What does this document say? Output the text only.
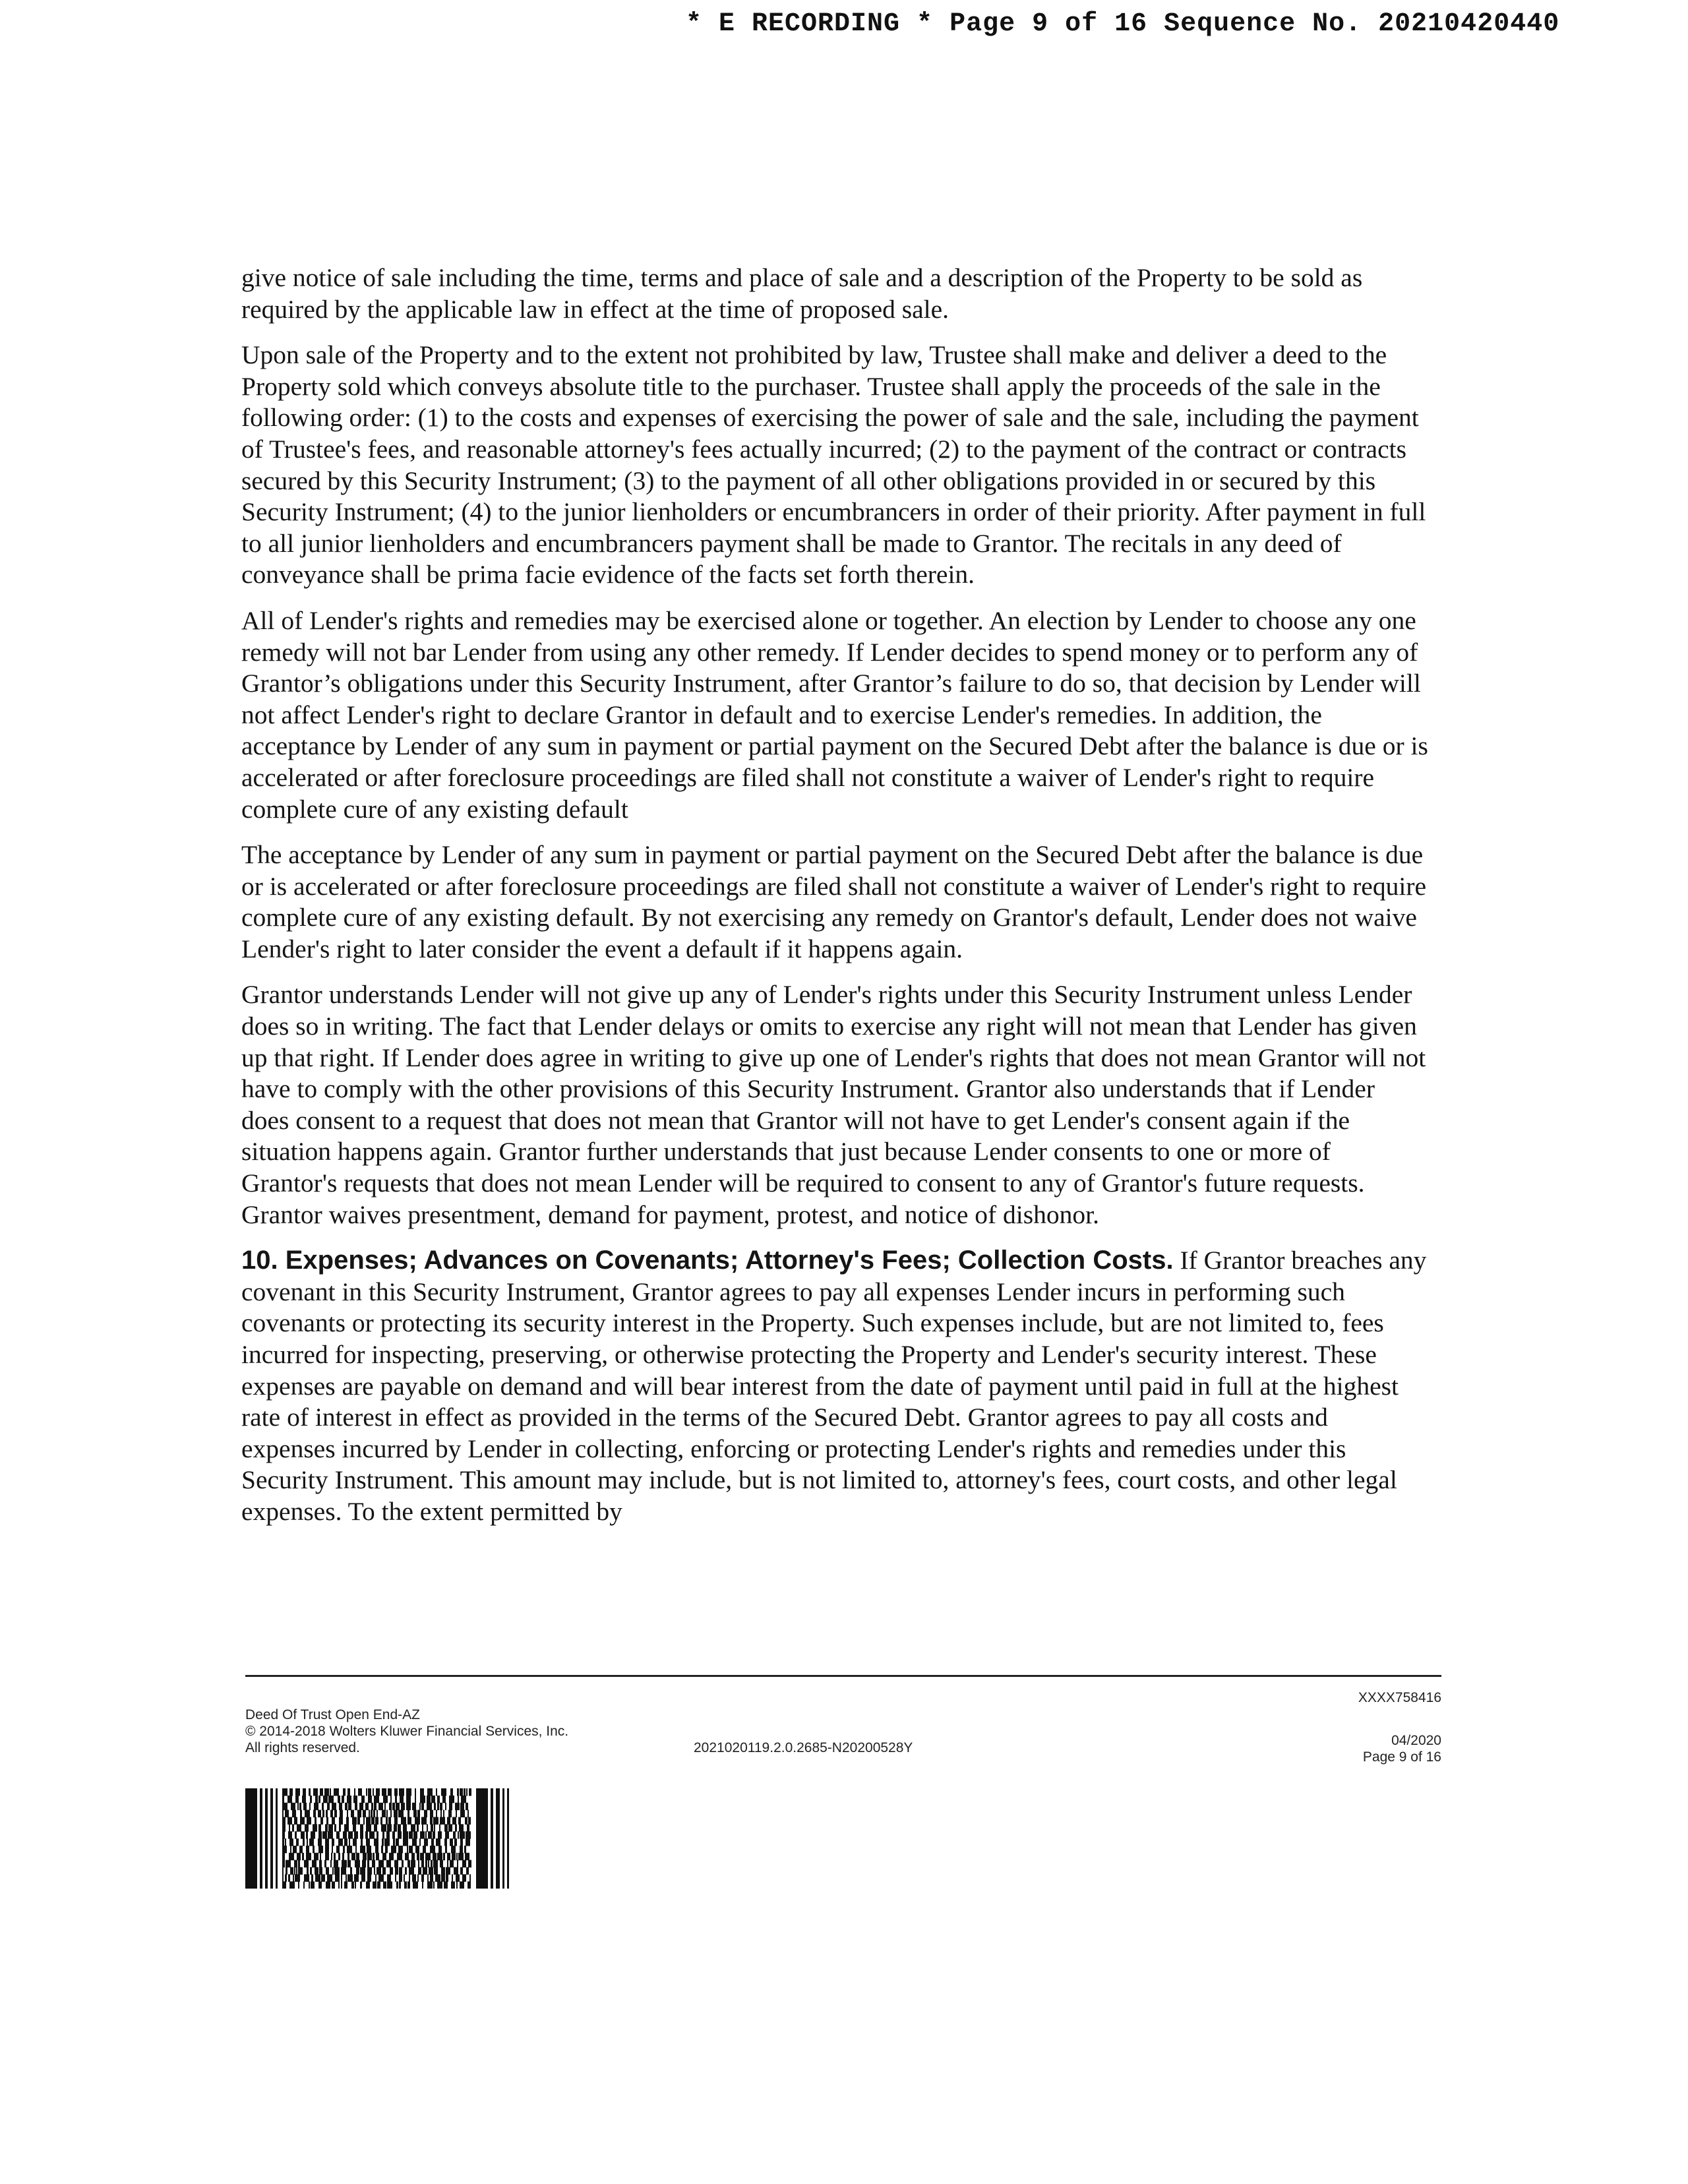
* E RECORDING * Page 9 of 16 Sequence No. 20210420440

give notice of sale including the time, terms and place of sale and a description of the Property to be sold as required by the applicable law in effect at the time of proposed sale.

Upon sale of the Property and to the extent not prohibited by law, Trustee shall make and deliver a deed to the Property sold which conveys absolute title to the purchaser. Trustee shall apply the proceeds of the sale in the following order: (1) to the costs and expenses of exercising the power of sale and the sale, including the payment of Trustee's fees, and reasonable attorney's fees actually incurred; (2) to the payment of the contract or contracts secured by this Security Instrument; (3) to the payment of all other obligations provided in or secured by this Security Instrument; (4) to the junior lienholders or encumbrancers in order of their priority. After payment in full to all junior lienholders and encumbrancers payment shall be made to Grantor. The recitals in any deed of conveyance shall be prima facie evidence of the facts set forth therein.

All of Lender's rights and remedies may be exercised alone or together. An election by Lender to choose any one remedy will not bar Lender from using any other remedy. If Lender decides to spend money or to perform any of Grantor’s obligations under this Security Instrument, after Grantor’s failure to do so, that decision by Lender will not affect Lender's right to declare Grantor in default and to exercise Lender's remedies. In addition, the acceptance by Lender of any sum in payment or partial payment on the Secured Debt after the balance is due or is accelerated or after foreclosure proceedings are filed shall not constitute a waiver of Lender's right to require complete cure of any existing default

The acceptance by Lender of any sum in payment or partial payment on the Secured Debt after the balance is due or is accelerated or after foreclosure proceedings are filed shall not constitute a waiver of Lender's right to require complete cure of any existing default. By not exercising any remedy on Grantor's default, Lender does not waive Lender's right to later consider the event a default if it happens again.

Grantor understands Lender will not give up any of Lender's rights under this Security Instrument unless Lender does so in writing. The fact that Lender delays or omits to exercise any right will not mean that Lender has given up that right. If Lender does agree in writing to give up one of Lender's rights that does not mean Grantor will not have to comply with the other provisions of this Security Instrument. Grantor also understands that if Lender does consent to a request that does not mean that Grantor will not have to get Lender's consent again if the situation happens again. Grantor further understands that just because Lender consents to one or more of Grantor's requests that does not mean Lender will be required to consent to any of Grantor's future requests. Grantor waives presentment, demand for payment, protest, and notice of dishonor.

10. Expenses; Advances on Covenants; Attorney's Fees; Collection Costs. If Grantor breaches any covenant in this Security Instrument, Grantor agrees to pay all expenses Lender incurs in performing such covenants or protecting its security interest in the Property. Such expenses include, but are not limited to, fees incurred for inspecting, preserving, or otherwise protecting the Property and Lender's security interest. These expenses are payable on demand and will bear interest from the date of payment until paid in full at the highest rate of interest in effect as provided in the terms of the Secured Debt. Grantor agrees to pay all costs and expenses incurred by Lender in collecting, enforcing or protecting Lender's rights and remedies under this Security Instrument. This amount may include, but is not limited to, attorney's fees, court costs, and other legal expenses. To the extent permitted by

Deed Of Trust Open End-AZ
© 2014-2018 Wolters Kluwer Financial Services, Inc.
All rights reserved.	2021020119.2.0.2685-N20200528Y
XXXX758416
04/2020
Page 9 of 16
